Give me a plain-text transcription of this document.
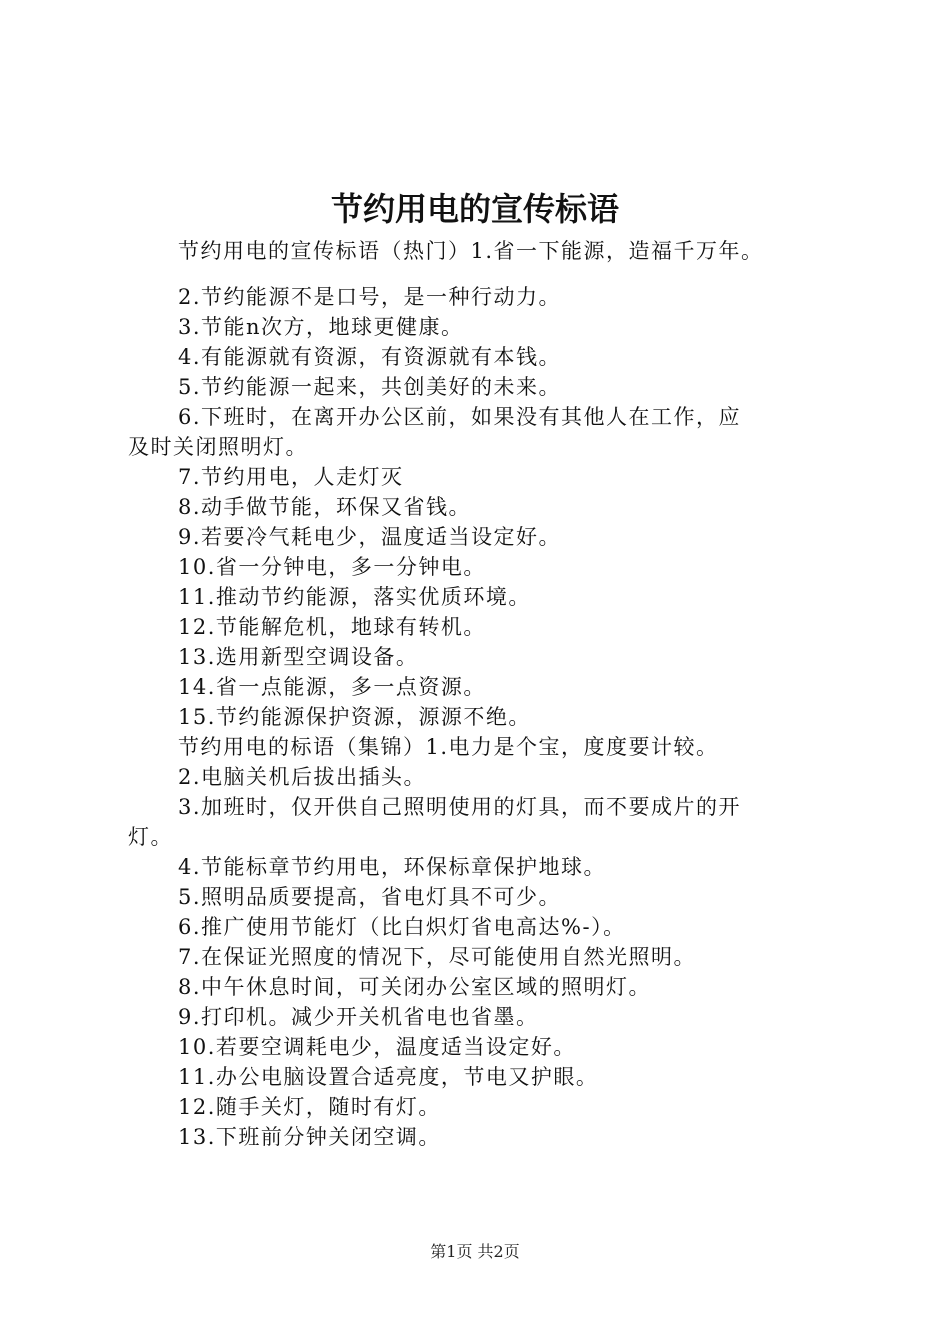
节约用电的宣传标语

节约用电的宣传标语（热门）1.省一下能源，造福千万年。

2.节约能源不是口号，是一种行动力。

3.节能n次方，地球更健康。

4.有能源就有资源，有资源就有本钱。

5.节约能源一起来，共创美好的未来。

6.下班时，在离开办公区前，如果没有其他人在工作，应

及时关闭照明灯。

7.节约用电，人走灯灭

8.动手做节能，环保又省钱。

9.若要冷气耗电少，温度适当设定好。

10.省一分钟电，多一分钟电。

11.推动节约能源，落实优质环境。

12.节能解危机，地球有转机。

13.选用新型空调设备。

14.省一点能源，多一点资源。

15.节约能源保护资源，源源不绝。

节约用电的标语（集锦）1.电力是个宝，度度要计较。

2.电脑关机后拔出插头。

3.加班时，仅开供自己照明使用的灯具，而不要成片的开

灯。

4.节能标章节约用电，环保标章保护地球。

5.照明品质要提高，省电灯具不可少。

6.推广使用节能灯（比白炽灯省电高达%-）。

7.在保证光照度的情况下，尽可能使用自然光照明。

8.中午休息时间，可关闭办公室区域的照明灯。

9.打印机。减少开关机省电也省墨。

10.若要空调耗电少，温度适当设定好。

11.办公电脑设置合适亮度，节电又护眼。

12.随手关灯，随时有灯。

13.下班前分钟关闭空调。

第1页 共2页
